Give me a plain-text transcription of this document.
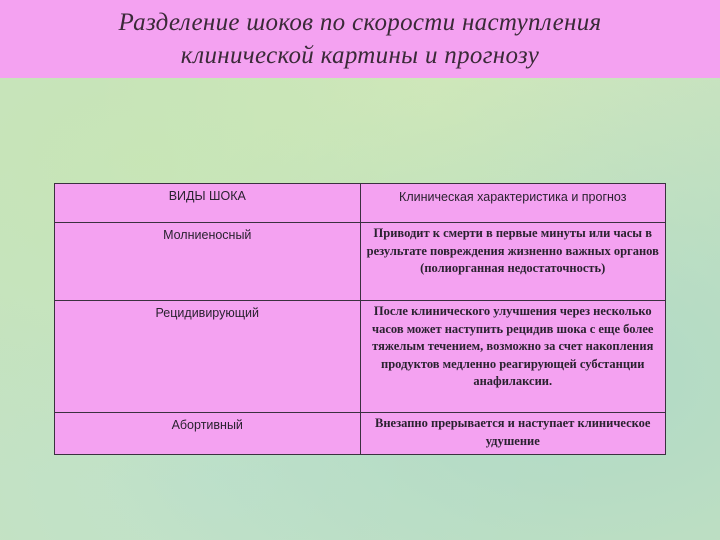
Разделение шоков по скорости наступления
клинической картины и прогнозу
ВИДЫ ШОКА	Клиническая характеристика и прогноз
Молниеносный	Приводит к смерти в первые минуты или часы в результате повреждения жизненно важных органов (полиорганная недостаточность)
Рецидивирующий	После клинического улучшения через несколько часов может наступить рецидив шока с еще более тяжелым течением, возможно за счет накопления продуктов медленно реагирующей субстанции анафилаксии.
Абортивный	Внезапно прерывается и наступает клиническое удушение
